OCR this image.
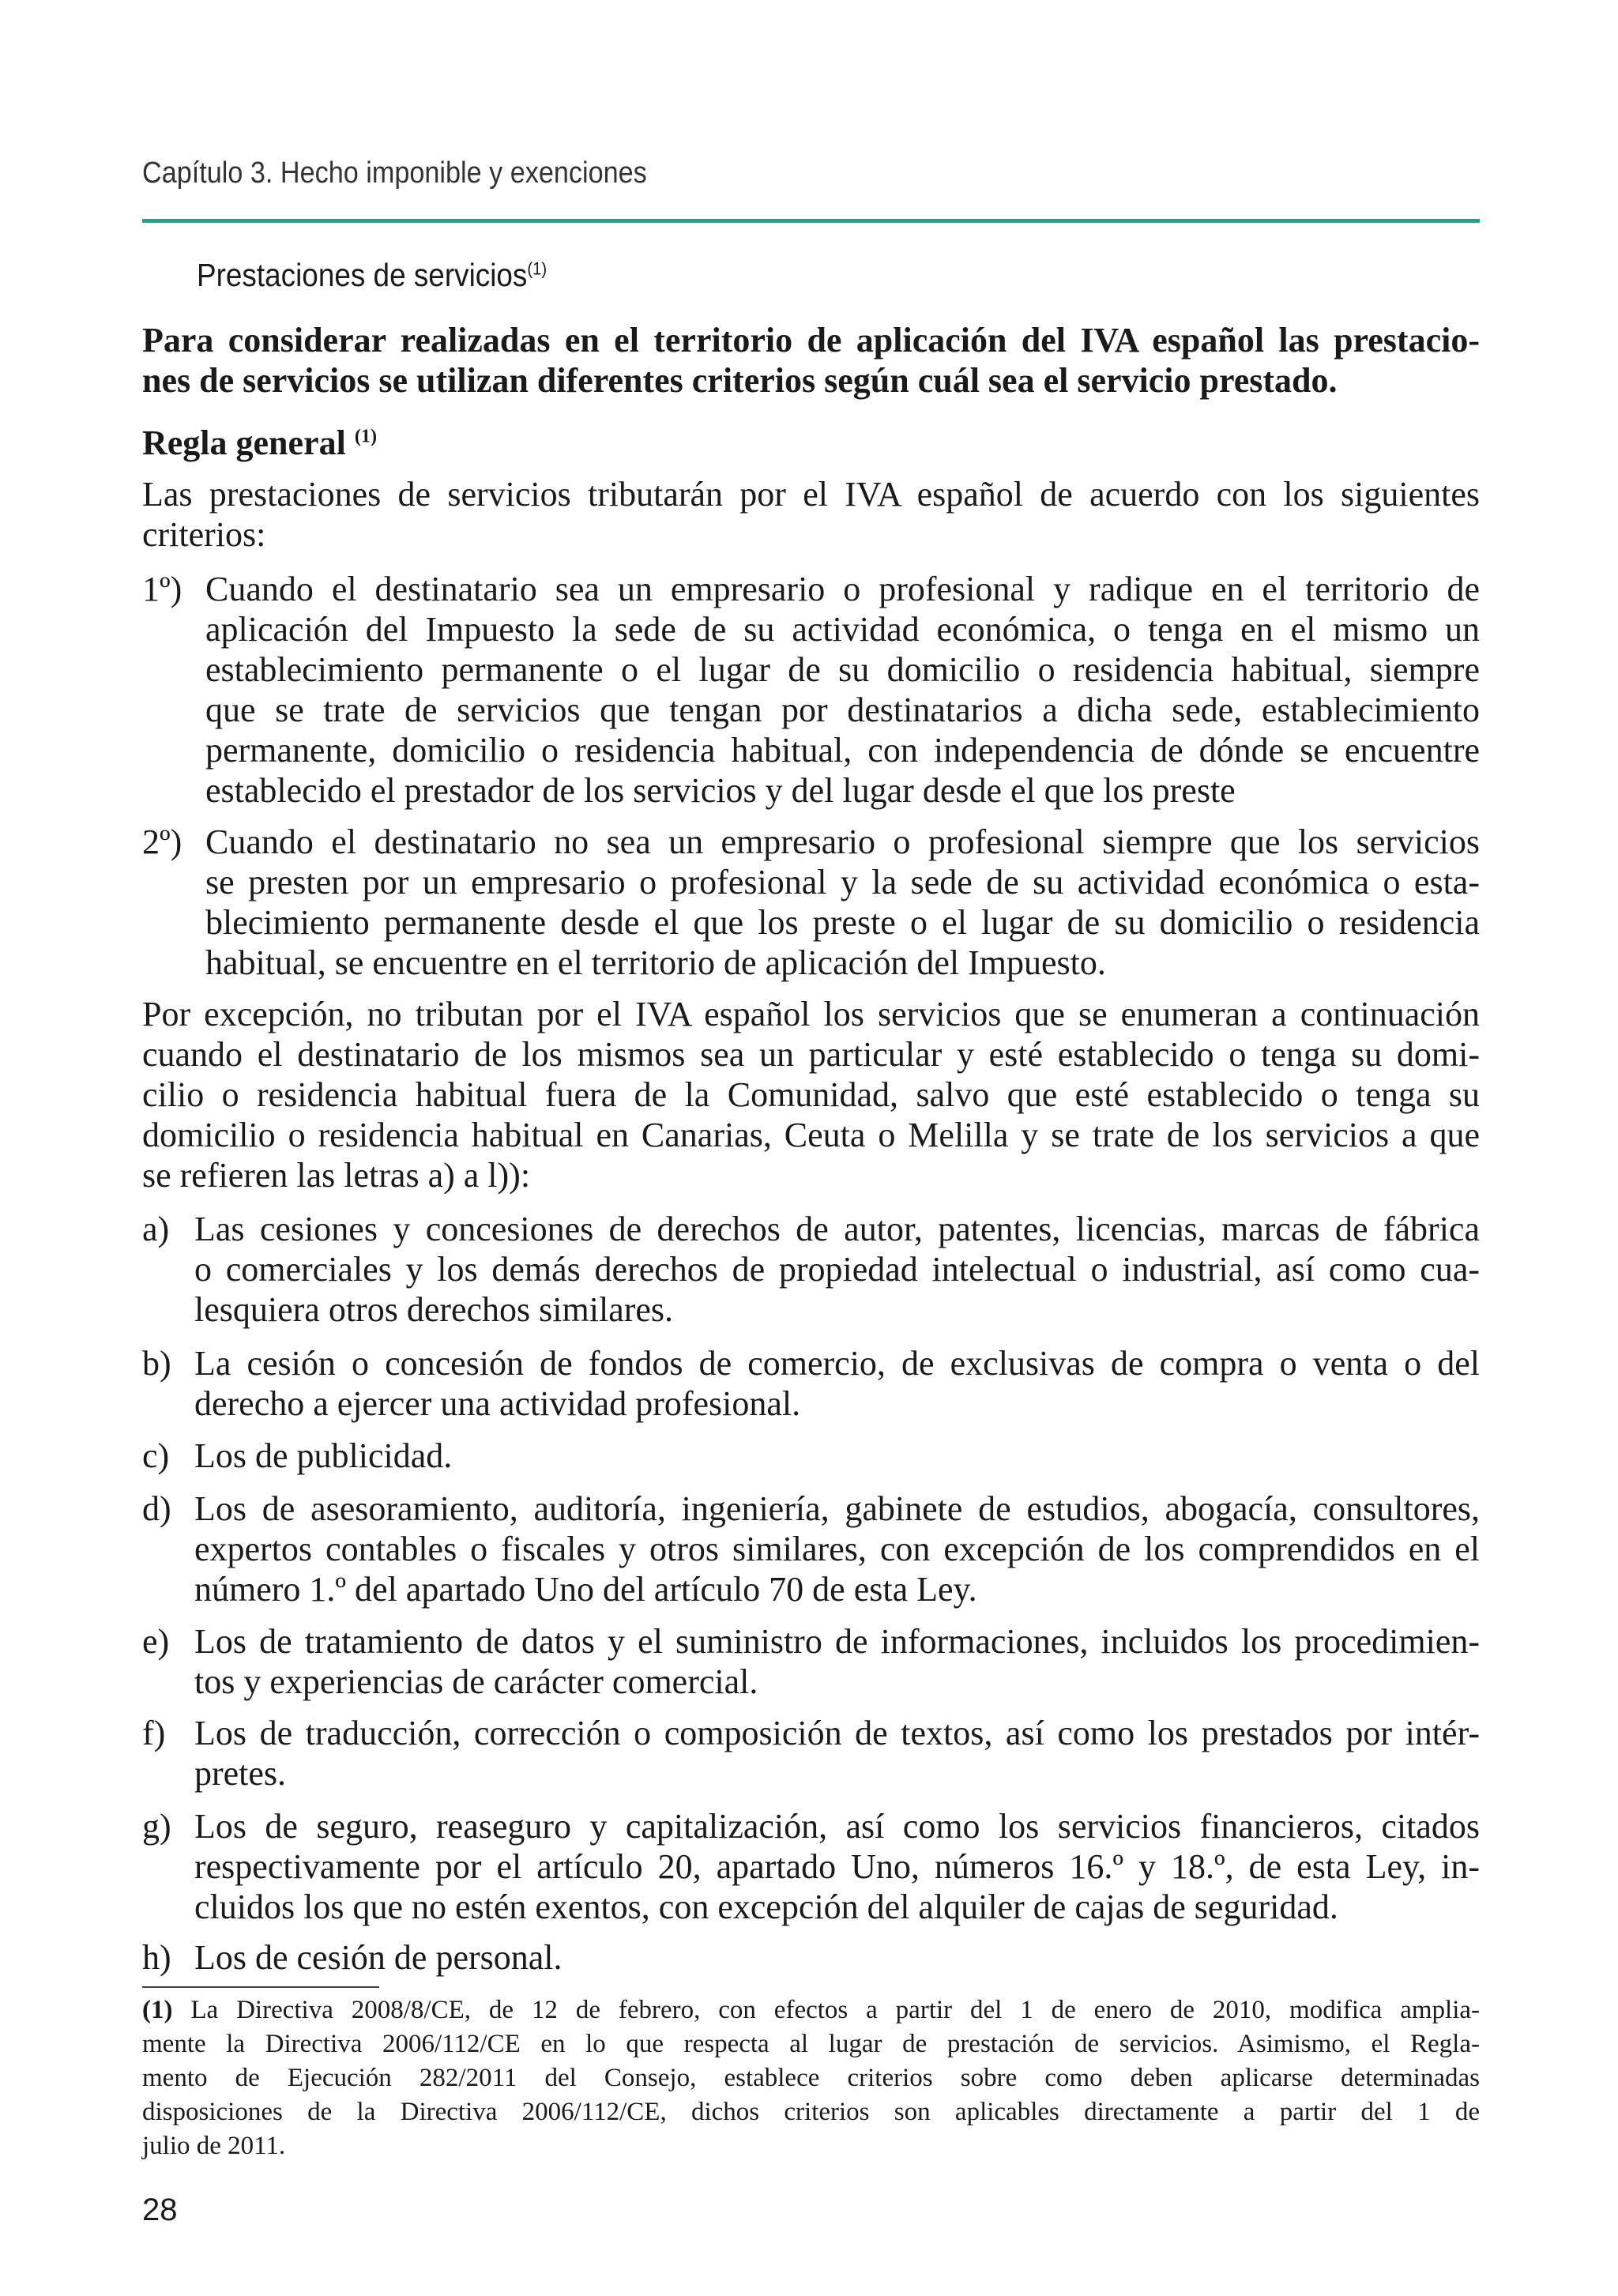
Capítulo 3. Hecho imponible y exenciones
Prestaciones de servicios$^{(1)}$
Para considerar realizadas en el territorio de aplicación del IVA español las prestacio-
nes de servicios se utilizan diferentes criterios según cuál sea el servicio prestado.
Regla general $^{(1)}$
Las prestaciones de servicios tributarán por el IVA español de acuerdo con los siguientes
criterios:
1º) Cuando el destinatario sea un empresario o profesional y radique en el territorio de
aplicación del Impuesto la sede de su actividad económica, o tenga en el mismo un
establecimiento permanente o el lugar de su domicilio o residencia habitual, siempre
que se trate de servicios que tengan por destinatarios a dicha sede, establecimiento
permanente, domicilio o residencia habitual, con independencia de dónde se encuentre
establecido el prestador de los servicios y del lugar desde el que los preste
2º) Cuando el destinatario no sea un empresario o profesional siempre que los servicios
se presten por un empresario o profesional y la sede de su actividad económica o esta-
blecimiento permanente desde el que los preste o el lugar de su domicilio o residencia
habitual, se encuentre en el territorio de aplicación del Impuesto.
Por excepción, no tributan por el IVA español los servicios que se enumeran a continuación
cuando el destinatario de los mismos sea un particular y esté establecido o tenga su domi-
cilio o residencia habitual fuera de la Comunidad, salvo que esté establecido o tenga su
domicilio o residencia habitual en Canarias, Ceuta o Melilla y se trate de los servicios a que
se refieren las letras a) a l)):
a) Las cesiones y concesiones de derechos de autor, patentes, licencias, marcas de fábrica
o comerciales y los demás derechos de propiedad intelectual o industrial, así como cua-
lesquiera otros derechos similares.
b) La cesión o concesión de fondos de comercio, de exclusivas de compra o venta o del
derecho a ejercer una actividad profesional.
c) Los de publicidad.
d) Los de asesoramiento, auditoría, ingeniería, gabinete de estudios, abogacía, consultores,
expertos contables o fiscales y otros similares, con excepción de los comprendidos en el
número 1.º del apartado Uno del artículo 70 de esta Ley.
e) Los de tratamiento de datos y el suministro de informaciones, incluidos los procedimien-
tos y experiencias de carácter comercial.
f) Los de traducción, corrección o composición de textos, así como los prestados por intér-
pretes.
g) Los de seguro, reaseguro y capitalización, así como los servicios financieros, citados
respectivamente por el artículo 20, apartado Uno, números 16.º y 18.º, de esta Ley, in-
cluidos los que no estén exentos, con excepción del alquiler de cajas de seguridad.
h) Los de cesión de personal.
(1) La Directiva 2008/8/CE, de 12 de febrero, con efectos a partir del 1 de enero de 2010, modifica amplia-
mente la Directiva 2006/112/CE en lo que respecta al lugar de prestación de servicios. Asimismo, el Regla-
mento de Ejecución 282/2011 del Consejo, establece criterios sobre como deben aplicarse determinadas
disposiciones de la Directiva 2006/112/CE, dichos criterios son aplicables directamente a partir del 1 de
julio de 2011.
28
